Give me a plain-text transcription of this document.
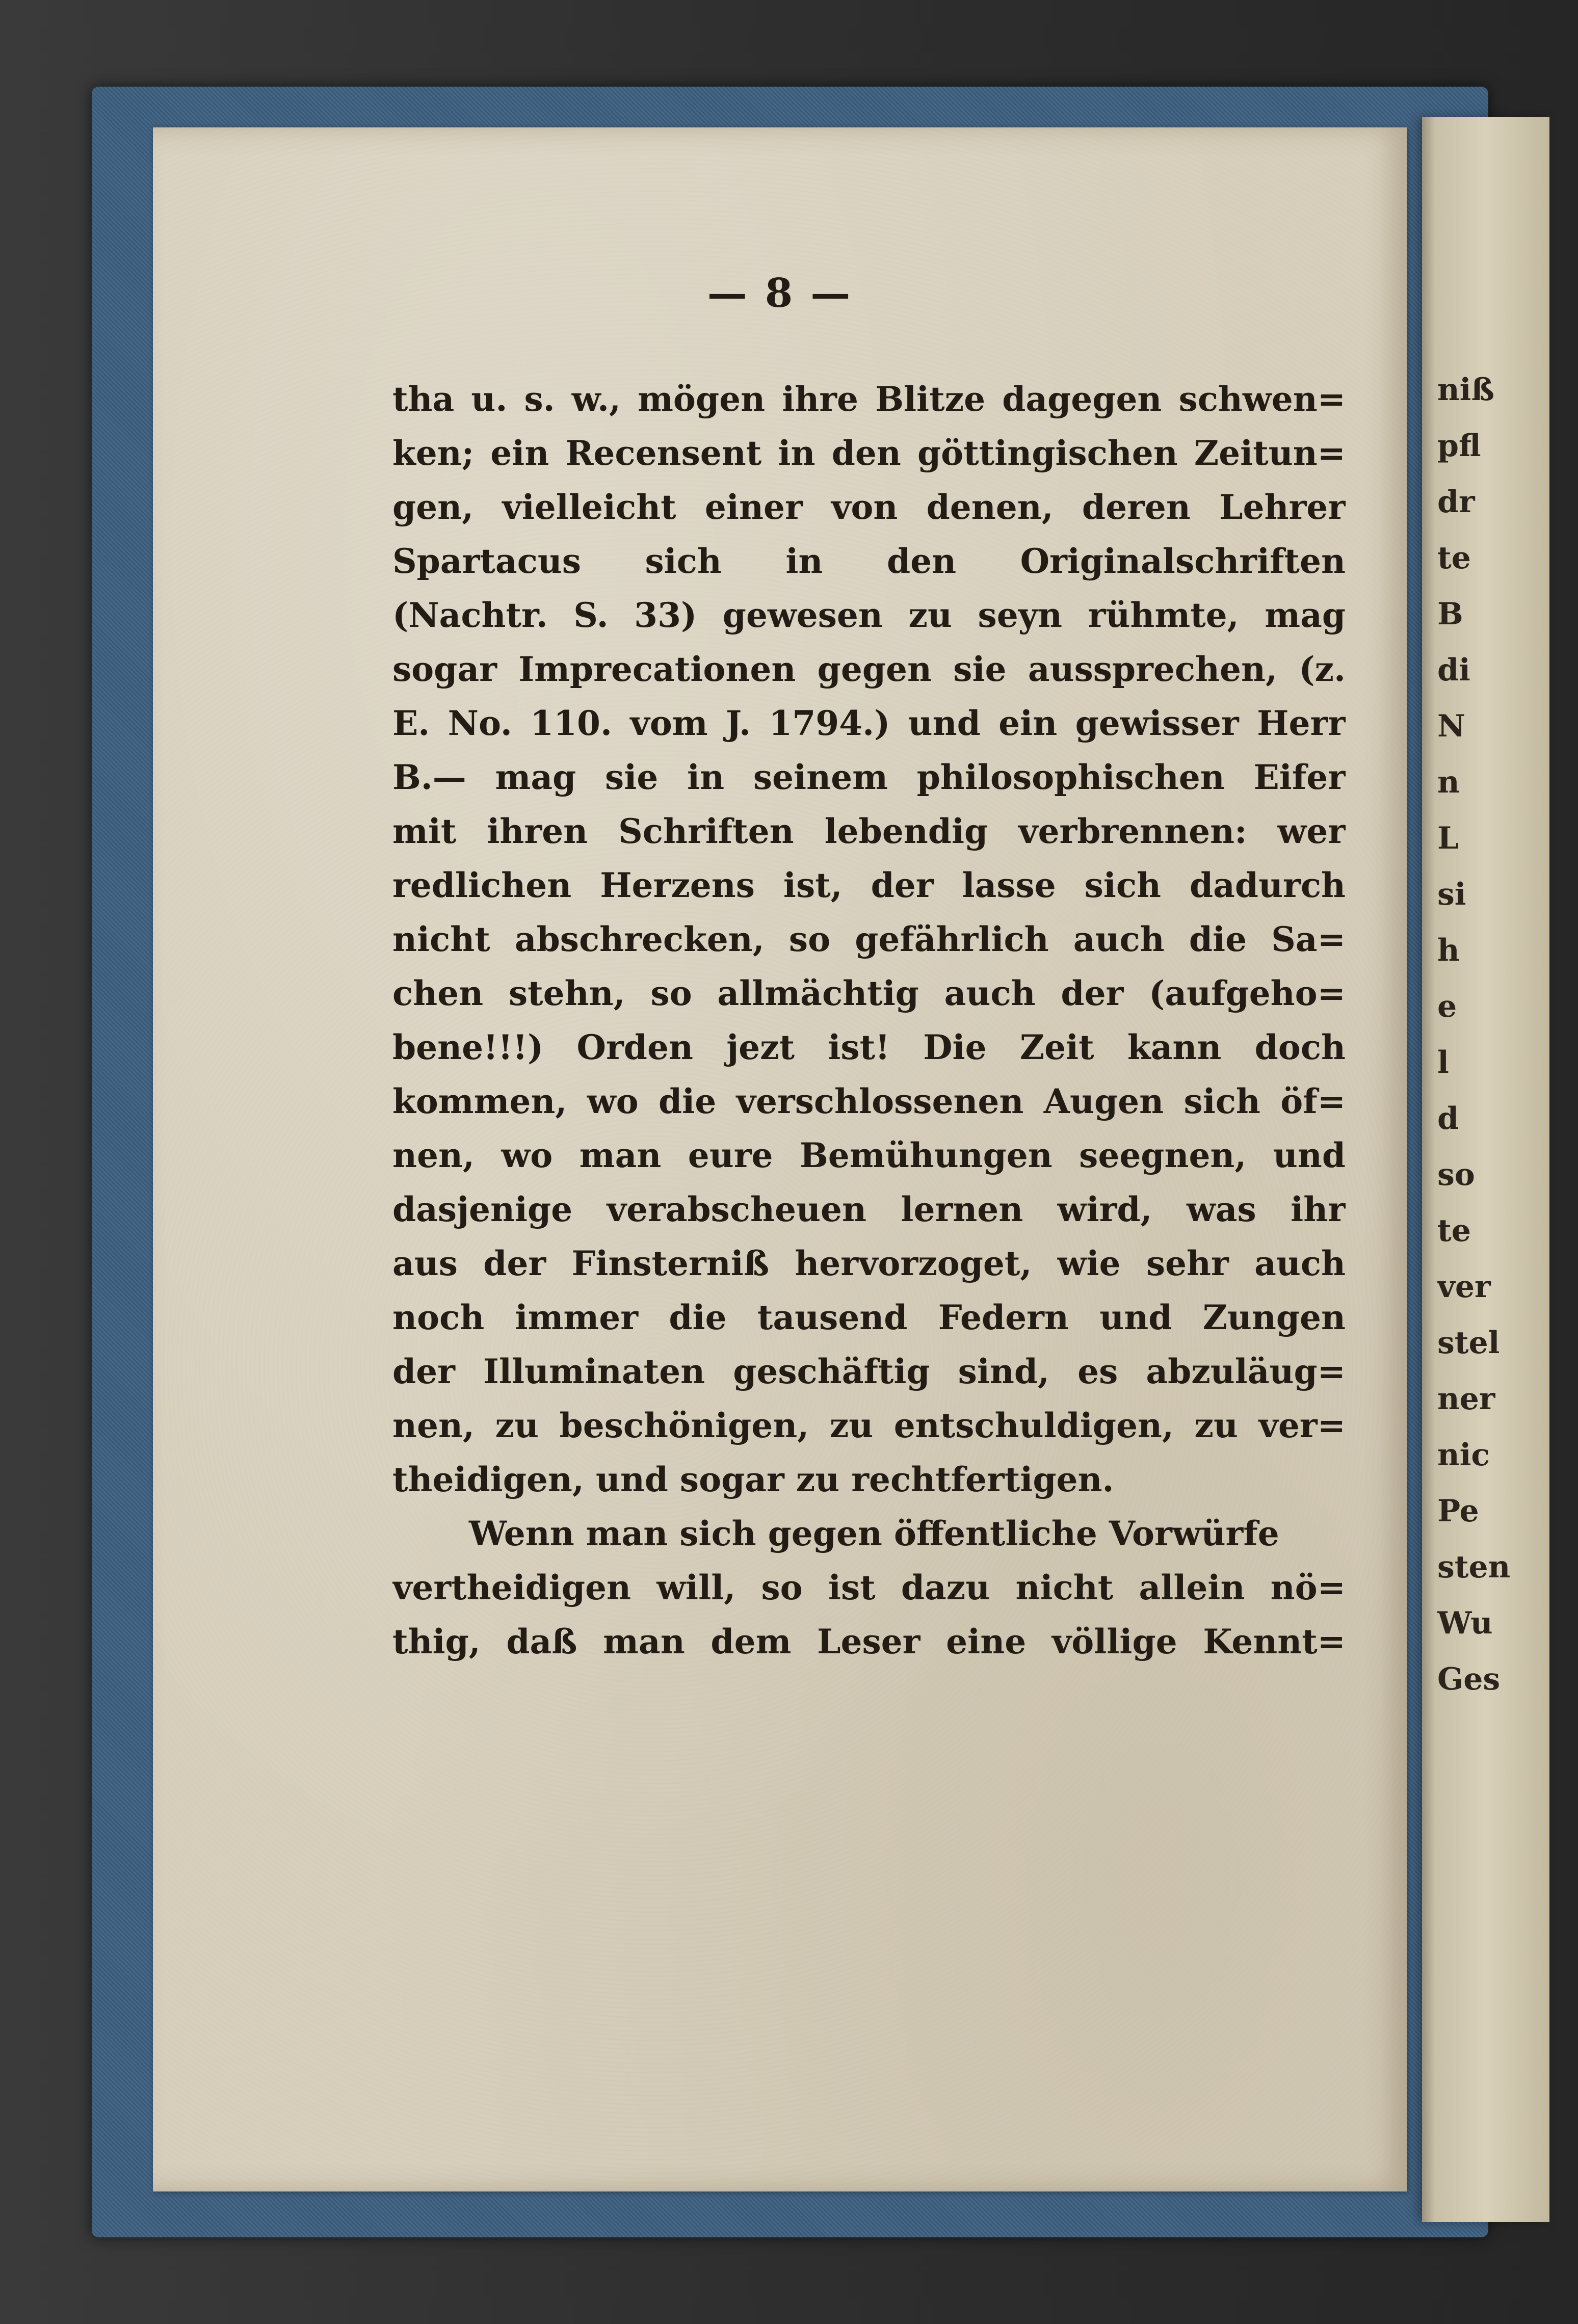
niß
pfl
dr
te
B
di
N
n
L
si
h
e
l
d
so
te
ver
stel
ner
nic
Pe
sten
Wu
Ges
— 8 —
tha u. s. w., mögen ihre Blitze dagegen schwen=
ken; ein Recensent in den göttingischen Zeitun=
gen, vielleicht einer von denen, deren Lehrer
Spartacus sich in den Originalschriften
(Nachtr. S. 33) gewesen zu seyn rühmte, mag
sogar Imprecationen gegen sie aussprechen, (z.
E. No. 110. vom J. 1794.) und ein gewisser Herr
B.— mag sie in seinem philosophischen Eifer
mit ihren Schriften lebendig verbrennen: wer
redlichen Herzens ist, der lasse sich dadurch
nicht abschrecken, so gefährlich auch die Sa=
chen stehn, so allmächtig auch der (aufgeho=
bene!!!) Orden jezt ist! Die Zeit kann doch
kommen, wo die verschlossenen Augen sich öf=
nen, wo man eure Bemühungen seegnen, und
dasjenige verabscheuen lernen wird, was ihr
aus der Finsterniß hervorzoget, wie sehr auch
noch immer die tausend Federn und Zungen
der Illuminaten geschäftig sind, es abzuläug=
nen, zu beschönigen, zu entschuldigen, zu ver=
theidigen, und sogar zu rechtfertigen.
Wenn man sich gegen öffentliche Vorwürfe
vertheidigen will, so ist dazu nicht allein nö=
thig, daß man dem Leser eine völlige Kennt=
